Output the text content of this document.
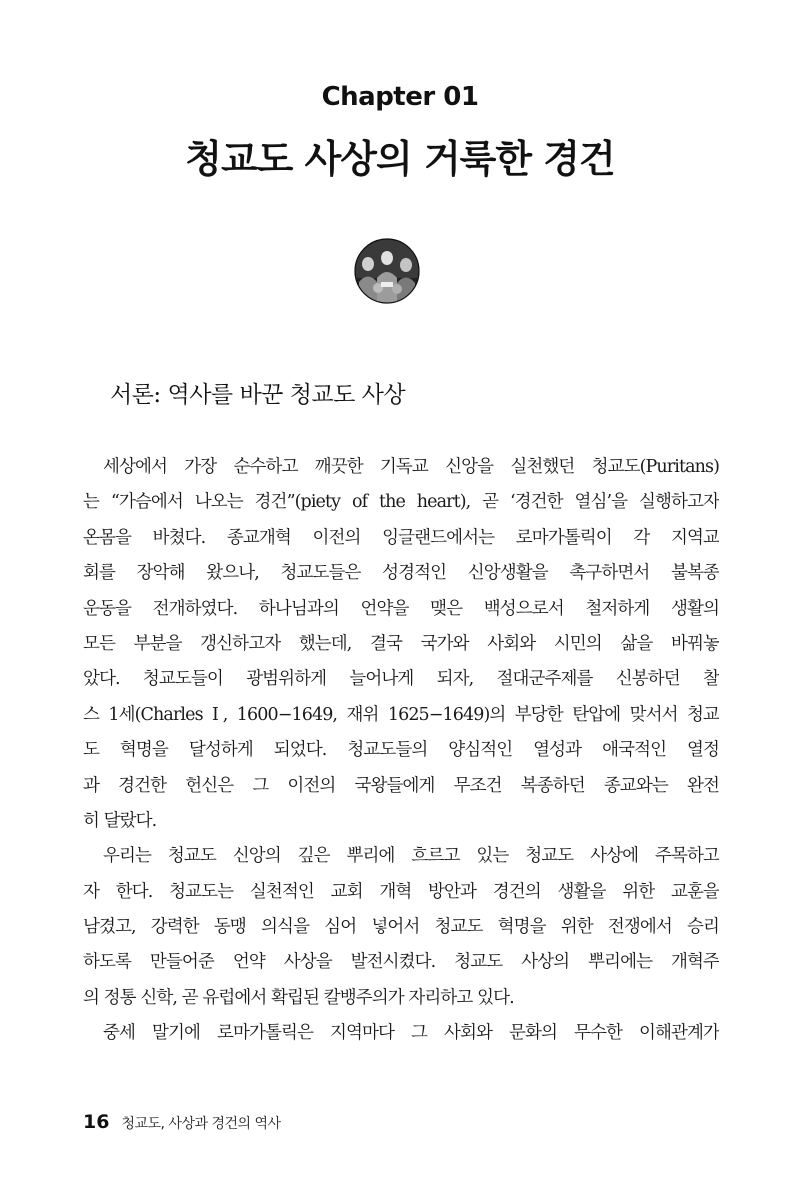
Chapter 01
청교도 사상의 거룩한 경건
서론: 역사를 바꾼 청교도 사상
세상에서 가장 순수하고 깨끗한 기독교 신앙을 실천했던 청교도(Puritans)
는 “가슴에서 나오는 경건”(piety of the heart), 곧 ‘경건한 열심’을 실행하고자
온몸을 바쳤다. 종교개혁 이전의 잉글랜드에서는 로마가톨릭이 각 지역교
회를 장악해 왔으나, 청교도들은 성경적인 신앙생활을 촉구하면서 불복종
운동을 전개하였다. 하나님과의 언약을 맺은 백성으로서 철저하게 생활의
모든 부분을 갱신하고자 했는데, 결국 국가와 사회와 시민의 삶을 바꿔놓
았다. 청교도들이 광범위하게 늘어나게 되자, 절대군주제를 신봉하던 찰
스 1세(Charles Ⅰ, 1600−1649, 재위 1625−1649)의 부당한 탄압에 맞서서 청교
도 혁명을 달성하게 되었다. 청교도들의 양심적인 열성과 애국적인 열정
과 경건한 헌신은 그 이전의 국왕들에게 무조건 복종하던 종교와는 완전
히 달랐다.
우리는 청교도 신앙의 깊은 뿌리에 흐르고 있는 청교도 사상에 주목하고
자 한다. 청교도는 실천적인 교회 개혁 방안과 경건의 생활을 위한 교훈을
남겼고, 강력한 동맹 의식을 심어 넣어서 청교도 혁명을 위한 전쟁에서 승리
하도록 만들어준 언약 사상을 발전시켰다. 청교도 사상의 뿌리에는 개혁주
의 정통 신학, 곧 유럽에서 확립된 칼뱅주의가 자리하고 있다.
중세 말기에 로마가톨릭은 지역마다 그 사회와 문화의 무수한 이해관계가
16 청교도, 사상과 경건의 역사
